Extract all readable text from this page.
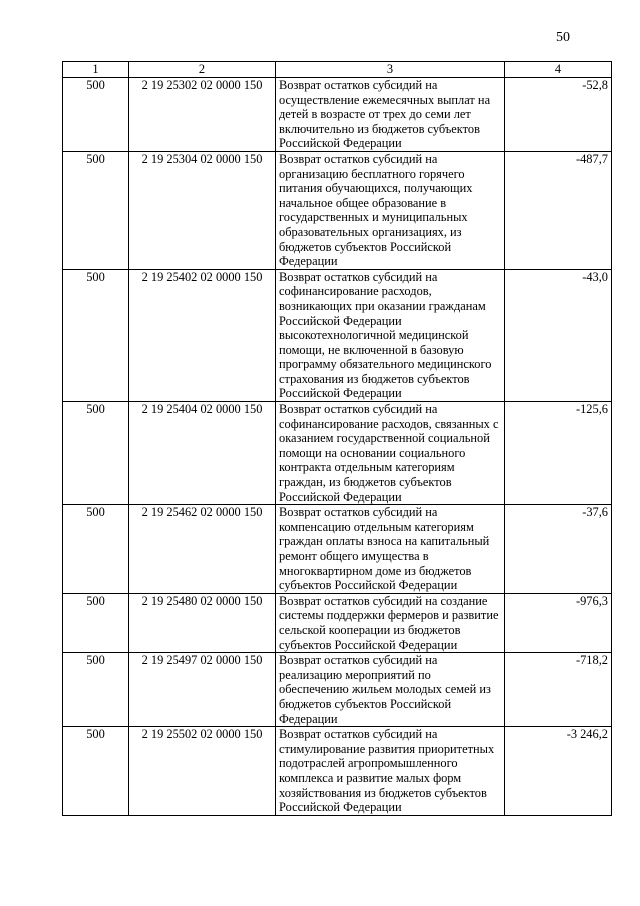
50
1	2	3	4
500	2 19 25302 02 0000 150	Возврат остатков субсидий на осуществление ежемесячных выплат на детей в возрасте от трех до семи лет включительно из бюджетов субъектов Российской Федерации	-52,8
500	2 19 25304 02 0000 150	Возврат остатков субсидий на организацию бесплатного горячего питания обучающихся, получающих начальное общее образование в государственных и муниципальных образовательных организациях, из бюджетов субъектов Российской Федерации	-487,7
500	2 19 25402 02 0000 150	Возврат остатков субсидий на софинансирование расходов, возникающих при оказании гражданам Российской Федерации высокотехнологичной медицинской помощи, не включенной в базовую программу обязательного медицинского страхования из бюджетов субъектов Российской Федерации	-43,0
500	2 19 25404 02 0000 150	Возврат остатков субсидий на софинансирование расходов, связанных с оказанием государственной социальной помощи на основании социального контракта отдельным категориям граждан, из бюджетов субъектов Российской Федерации	-125,6
500	2 19 25462 02 0000 150	Возврат остатков субсидий на компенсацию отдельным категориям граждан оплаты взноса на капитальный ремонт общего имущества в многоквартирном доме из бюджетов субъектов Российской Федерации	-37,6
500	2 19 25480 02 0000 150	Возврат остатков субсидий на создание системы поддержки фермеров и развитие сельской кооперации из бюджетов субъектов Российской Федерации	-976,3
500	2 19 25497 02 0000 150	Возврат остатков субсидий на реализацию мероприятий по обеспечению жильем молодых семей из бюджетов субъектов Российской Федерации	-718,2
500	2 19 25502 02 0000 150	Возврат остатков субсидий на стимулирование развития приоритетных подотраслей агропромышленного комплекса и развитие малых форм хозяйствования из бюджетов субъектов Российской Федерации	-3 246,2
